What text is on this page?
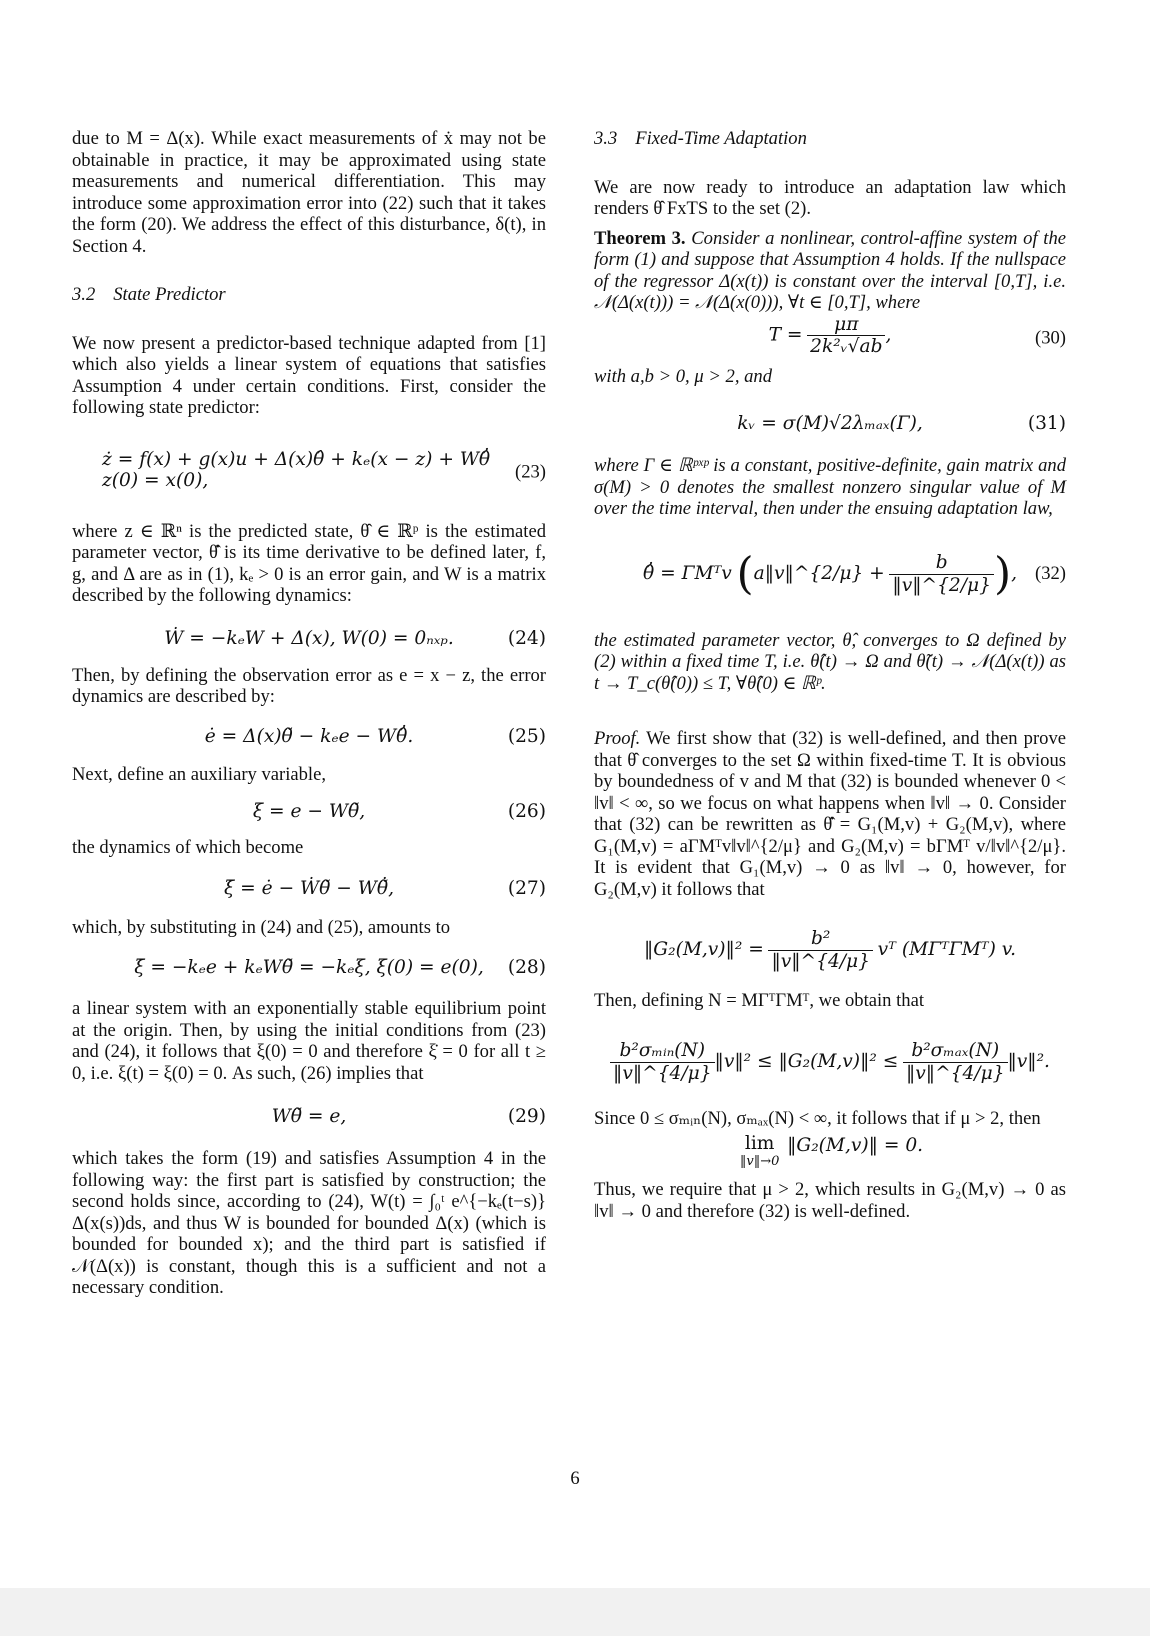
due to M = Δ(x). While exact measurements of ẋ may not be obtainable in practice, it may be approximated using state measurements and numerical differentiation. This may introduce some approximation error into (22) such that it takes the form (20). We address the effect of this disturbance, δ(t), in Section 4.

3.2 State Predictor

We now present a predictor-based technique adapted from [1] which also yields a linear system of equations that satisfies Assumption 4 under certain conditions. First, consider the following state predictor:

ż = f(x) + g(x)u + Δ(x)θ̂ + kₑ(x − z) + Wθ̂̇
z(0) = x(0),	(23)

where z ∈ ℝⁿ is the predicted state, θ̂ ∈ ℝᵖ is the estimated parameter vector, θ̂̇ is its time derivative to be defined later, f, g, and Δ are as in (1), kₑ > 0 is an error gain, and W is a matrix described by the following dynamics:

Ẇ = −kₑW + Δ(x), W(0) = 0ₙₓₚ.	(24)

Then, by defining the observation error as e = x − z, the error dynamics are described by:

ė = Δ(x)θ̃ − kₑe − Wθ̂̇.	(25)

Next, define an auxiliary variable,

ξ = e − Wθ̃,	(26)

the dynamics of which become

ξ̇ = ė − Ẇθ̃ − Wθ̃̇,	(27)

which, by substituting in (24) and (25), amounts to

ξ̇ = −kₑe + kₑWθ̃ = −kₑξ, ξ(0) = e(0), (28)

a linear system with an exponentially stable equilibrium point at the origin. Then, by using the initial conditions from (23) and (24), it follows that ξ(0) = 0 and therefore ξ̇ = 0 for all t ≥ 0, i.e. ξ(t) = ξ(0) = 0. As such, (26) implies that

Wθ̃ = e,	(29)

which takes the form (19) and satisfies Assumption 4 in the following way: the first part is satisfied by construction; the second holds since, according to (24), W(t) = ∫₀ᵗ e^{−kₑ(t−s)} Δ(x(s))ds, and thus W is bounded for bounded Δ(x) (which is bounded for bounded x); and the third part is satisfied if 𝒩(Δ(x)) is constant, though this is a sufficient and not a necessary condition.

3.3 Fixed-Time Adaptation

We are now ready to introduce an adaptation law which renders θ̂ FxTS to the set (2).

Theorem 3. Consider a nonlinear, control-affine system of the form (1) and suppose that Assumption 4 holds. If the nullspace of the regressor Δ(x(t)) is constant over the interval [0,T], i.e. 𝒩(Δ(x(t))) = 𝒩(Δ(x(0))), ∀t ∈ [0,T], where

$T = \frac{\mu\pi}{\text{2k²ᵥ√ab}}$ ,	(30)

with a,b > 0, μ > 2, and

kᵥ = σ(M)√2λₘₐₓ(Γ),	(31)

where Γ ∈ ℝᵖˣᵖ is a constant, positive-definite, gain matrix and σ(M) > 0 denotes the smallest nonzero singular value of M over the time interval, then under the ensuing adaptation law,

θ̂̇ = ΓMᵀv (a‖v‖^{2/μ} + $\frac{b}{‖v‖\^{}\{2/\mu\}}$ ), (32)

the estimated parameter vector, θ̂, converges to Ω defined by (2) within a fixed time T, i.e. θ̂(t) → Ω and θ̃(t) → 𝒩(Δ(x(t)) as t → T_c(θ̂(0)) ≤ T, ∀θ̂(0) ∈ ℝᵖ.

Proof. We first show that (32) is well-defined, and then prove that θ̂ converges to the set Ω within fixed-time T. It is obvious by boundedness of v and M that (32) is bounded whenever 0 < ‖v‖ < ∞, so we focus on what happens when ‖v‖ → 0. Consider that (32) can be rewritten as θ̂̇ = G₁(M,v) + G₂(M,v), where G₁(M,v) = aΓMᵀv‖v‖^{2/μ} and G₂(M,v) = bΓMᵀ v/‖v‖^{2/μ}. It is evident that G₁(M,v) → 0 as ‖v‖ → 0, however, for G₂(M,v) it follows that

‖G₂(M,v)‖² = $\frac{\text{b²}}{‖v‖\^{}\{4/\mu\}}$ vᵀ (MΓᵀΓMᵀ) v.

Then, defining N = MΓᵀΓMᵀ, we obtain that

$\frac{\text{b²σₘᵢₙ(N)}}{‖v‖\^{}\{4/\mu\}}$ ‖v‖² ≤ ‖G₂(M,v)‖² ≤ $\frac{\text{b²σₘₐₓ(N)}}{‖v‖\^{}\{4/\mu\}}$ ‖v‖².

Since 0 ≤ σₘᵢₙ(N), σₘₐₓ(N) < ∞, it follows that if μ > 2, then

lim
‖v‖→0
‖G₂(M,v)‖ = 0.

Thus, we require that μ > 2, which results in G₂(M,v) → 0 as ‖v‖ → 0 and therefore (32) is well-defined.

6
